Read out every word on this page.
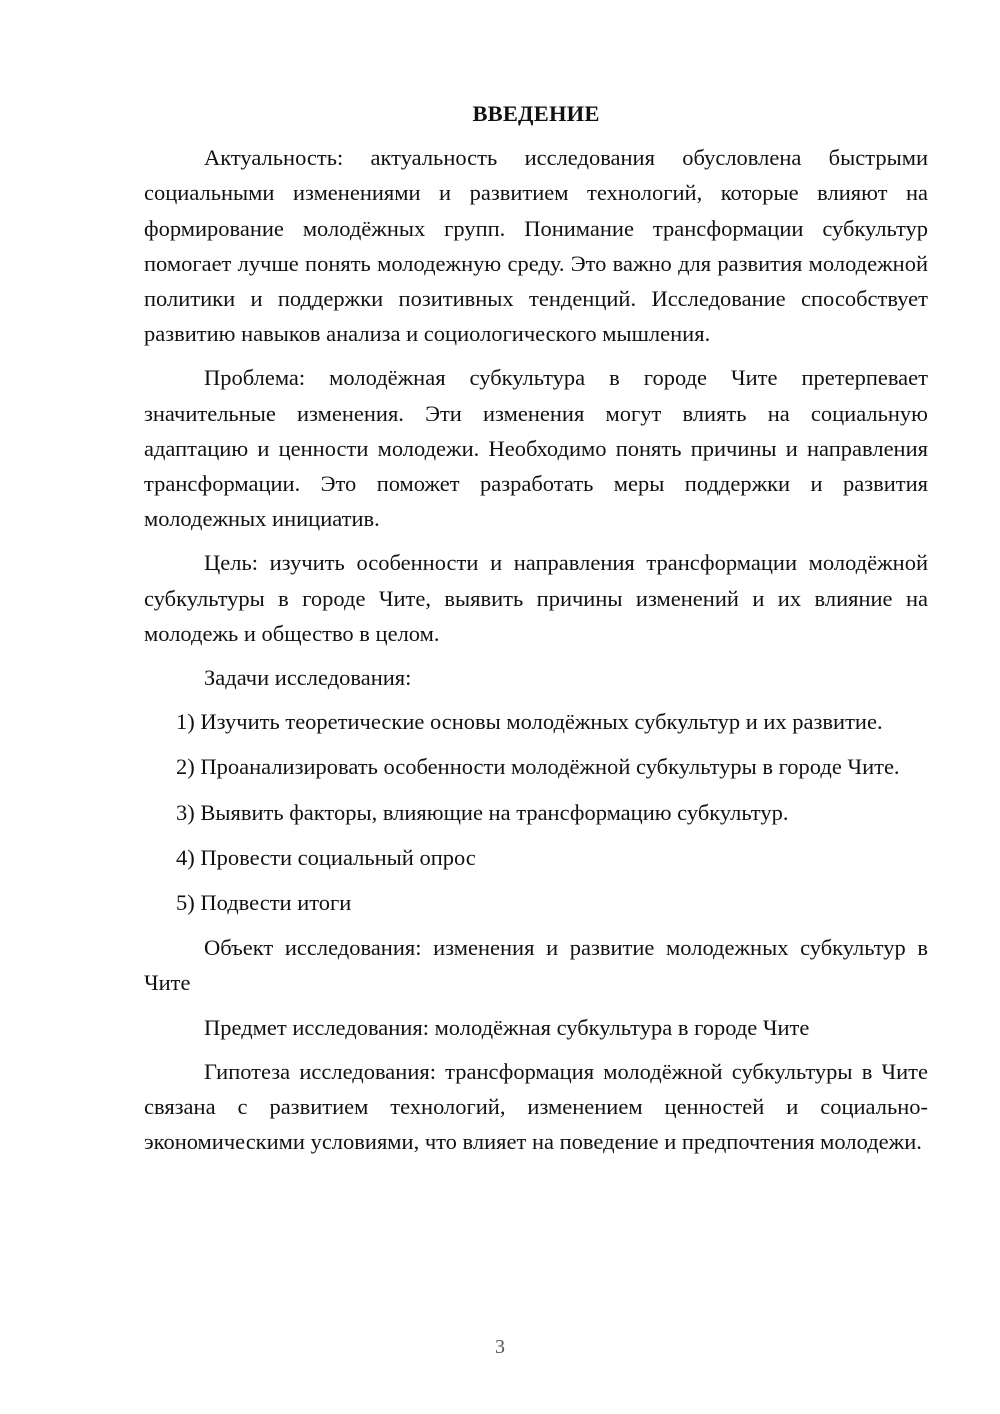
ВВЕДЕНИЕ

Актуальность: актуальность исследования обусловлена быстрыми социальными изменениями и развитием технологий, которые влияют на формирование молодёжных групп. Понимание трансформации субкультур помогает лучше понять молодежную среду. Это важно для развития молодежной политики и поддержки позитивных тенденций. Исследование способствует развитию навыков анализа и социологического мышления.

Проблема: молодёжная субкультура в городе Чите претерпевает значительные изменения. Эти изменения могут влиять на социальную адаптацию и ценности молодежи. Необходимо понять причины и направления трансформации. Это поможет разработать меры поддержки и развития молодежных инициатив.

Цель: изучить особенности и направления трансформации молодёжной субкультуры в городе Чите, выявить причины изменений и их влияние на молодежь и общество в целом.

Задачи исследования:

1) Изучить теоретические основы молодёжных субкультур и их развитие.

2) Проанализировать особенности молодёжной субкультуры в городе Чите.

3) Выявить факторы, влияющие на трансформацию субкультур.

4) Провести социальный опрос

5) Подвести итоги

Объект исследования: изменения и развитие молодежных субкультур в Чите

Предмет исследования: молодёжная субкультура в городе Чите

Гипотеза исследования: трансформация молодёжной субкультуры в Чите связана с развитием технологий, изменением ценностей и социально-экономическими условиями, что влияет на поведение и предпочтения молодежи.

3
